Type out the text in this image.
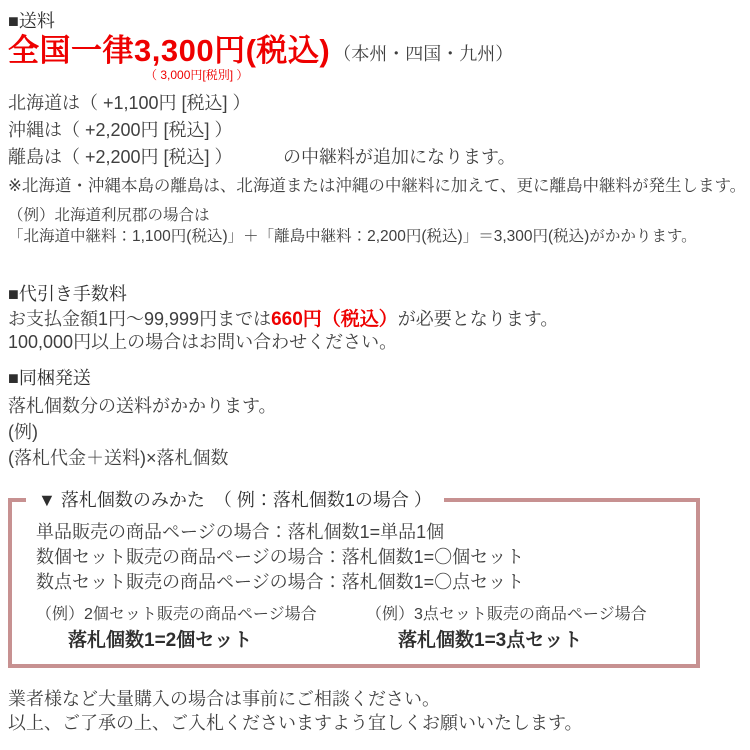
■送料
全国一律3,300円(税込) （本州・四国・九州）
（ 3,000円[税別] ）
北海道は（ +1,100円 [税込] ）
沖縄は（ +2,200円 [税込] ）
離島は（ +2,200円 [税込] ）	の中継料が追加になります。
※北海道・沖縄本島の離島は、北海道または沖縄の中継料に加えて、更に離島中継料が発生します。
（例）北海道利尻郡の場合は
「北海道中継料：1,100円(税込)」＋「離島中継料：2,200円(税込)」＝3,300円(税込)がかかります。
■代引き手数料
お支払金額1円～99,999円までは660円（税込）が必要となります。
100,000円以上の場合はお問い合わせください。
■同梱発送
落札個数分の送料がかかります。
(例)
(落札代金＋送料)×落札個数
▼ 落札個数のみかた　（ 例：落札個数1の場合 ）
単品販売の商品ページの場合：落札個数1=単品1個
数個セット販売の商品ページの場合：落札個数1=〇個セット
数点セット販売の商品ページの場合：落札個数1=〇点セット
（例）2個セット販売の商品ページ場合
落札個数1=2個セット
（例）3点セット販売の商品ページ場合
落札個数1=3点セット
業者様など大量購入の場合は事前にご相談ください。
以上、ご了承の上、ご入札くださいますよう宜しくお願いいたします。
